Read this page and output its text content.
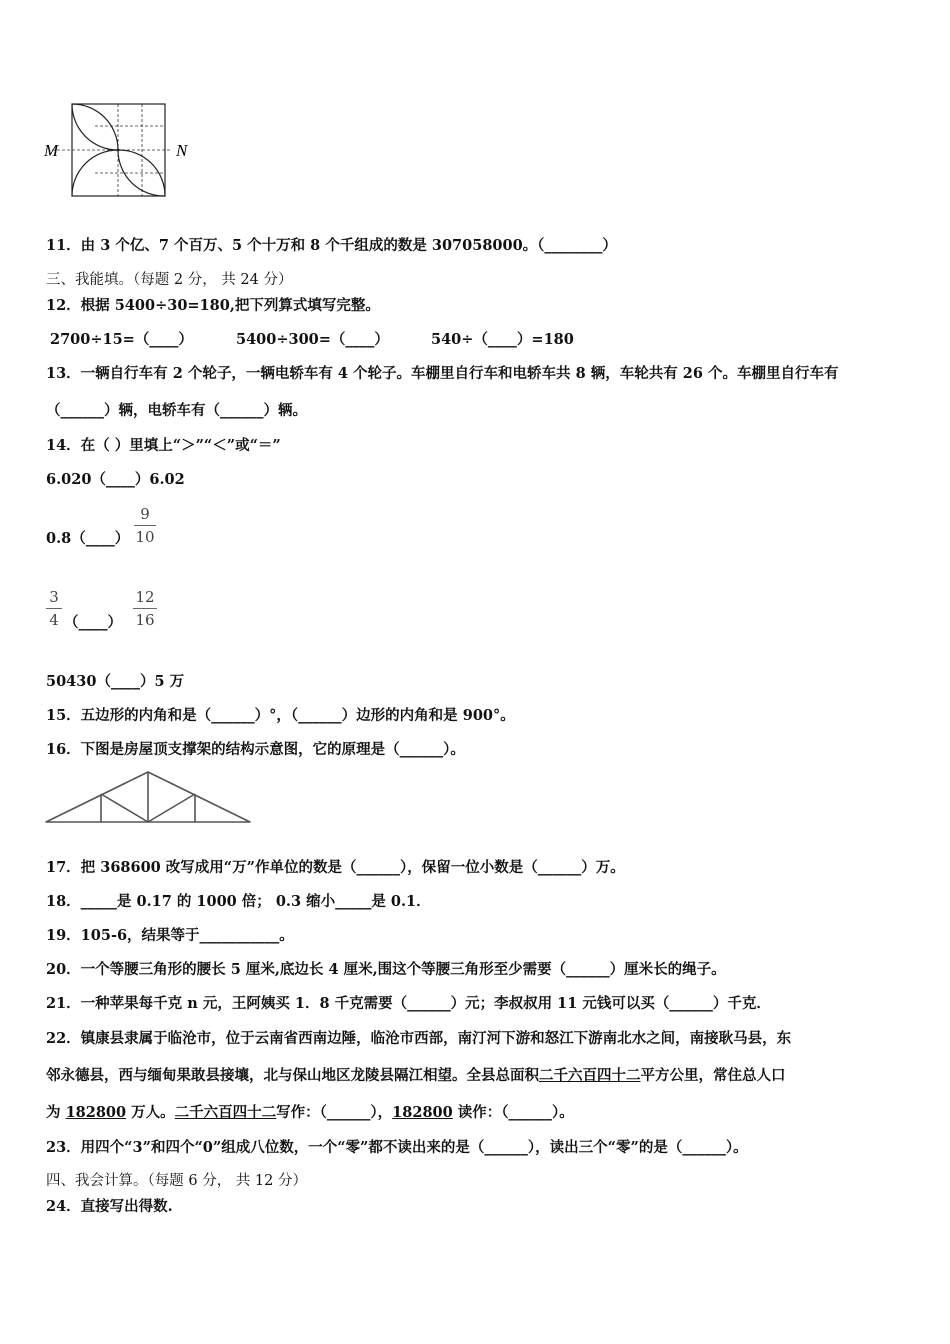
M	N
11．由 3 个亿、7 个百万、5 个十万和 8 个千组成的数是 307058000。（________）
三、我能填。（每题 2 分， 共 24 分）
12．根据 5400÷30=180,把下列算式填写完整。
2700÷15=（____）	5400÷300=（____）	540÷（____）=180
13．一辆自行车有 2 个轮子，一辆电轿车有 4 个轮子。车棚里自行车和电轿车共 8 辆，车轮共有 26 个。车棚里自行车有
（______）辆，电轿车有（______）辆。
14．在（ ）里填上“＞”“＜”或“＝”
6.020（____）6.02
0.8（____）
9
10
3
4 （____）
12
16
50430（____）5 万
15．五边形的内角和是（______）°，（______）边形的内角和是 900°。
16．下图是房屋顶支撑架的结构示意图，它的原理是（______）。
17．把 368600 改写成用“万”作单位的数是（______），保留一位小数是（______）万。
18．_____是 0.17 的 1000 倍； 0.3 缩小_____是 0.1．
19．105-6，结果等于___________。
20．一个等腰三角形的腰长 5 厘米,底边长 4 厘米,围这个等腰三角形至少需要（______）厘米长的绳子。
21．一种苹果每千克 n 元，王阿姨买 1．8 千克需要（______）元；李叔叔用 11 元钱可以买（______）千克．
22．镇康县隶属于临沧市，位于云南省西南边陲，临沧市西部，南汀河下游和怒江下游南北水之间，南接耿马县，东
邻永德县，西与缅甸果敢县接壤，北与保山地区龙陵县隔江相望。全县总面积二千六百四十二平方公里，常住总人口
为 182800 万人。二千六百四十二写作：（______），182800 读作：（______）。
23．用四个“3”和四个“0”组成八位数，一个“零”都不读出来的是（______），读出三个“零”的是（______）。
四、我会计算。（每题 6 分， 共 12 分）
24．直接写出得数.
